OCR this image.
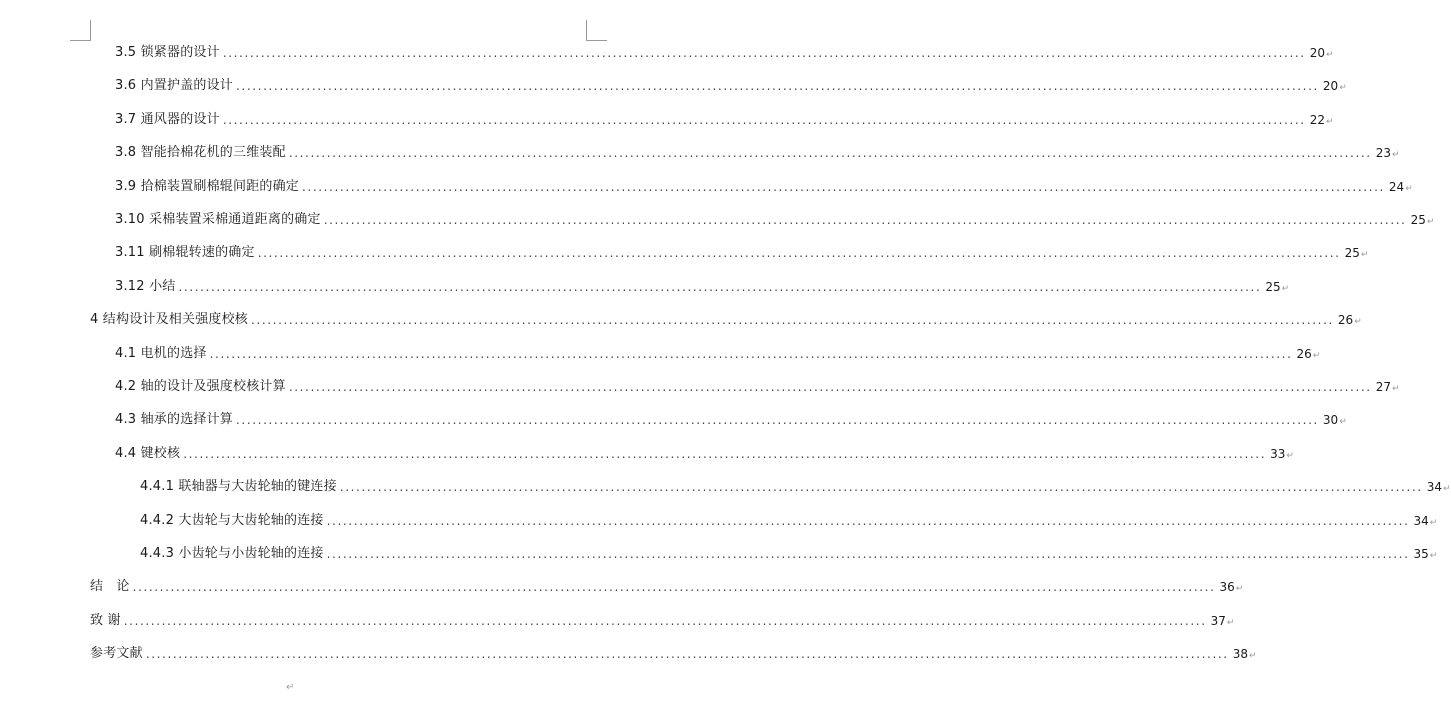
3.5 锁紧器的设计 ........................................................................................................................................................................................................ 20 ↵
3.6 内置护盖的设计 ........................................................................................................................................................................................................ 20 ↵
3.7 通风器的设计 ........................................................................................................................................................................................................ 22 ↵
3.8 智能拾棉花机的三维装配 ........................................................................................................................................................................................................ 23 ↵
3.9 拾棉装置刷棉辊间距的确定 ........................................................................................................................................................................................................ 24 ↵
3.10 采棉装置采棉通道距离的确定 ........................................................................................................................................................................................................ 25 ↵
3.11 刷棉辊转速的确定 ........................................................................................................................................................................................................ 25 ↵
3.12 小结 ........................................................................................................................................................................................................ 25 ↵
4 结构设计及相关强度校核 ........................................................................................................................................................................................................ 26 ↵
4.1 电机的选择 ........................................................................................................................................................................................................ 26 ↵
4.2 轴的设计及强度校核计算 ........................................................................................................................................................................................................ 27 ↵
4.3 轴承的选择计算 ........................................................................................................................................................................................................ 30 ↵
4.4 键校核 ........................................................................................................................................................................................................ 33 ↵
4.4.1 联轴器与大齿轮轴的键连接 ........................................................................................................................................................................................................ 34 ↵
4.4.2 大齿轮与大齿轮轴的连接 ........................................................................................................................................................................................................ 34 ↵
4.4.3 小齿轮与小齿轮轴的连接 ........................................................................................................................................................................................................ 35 ↵
结　论 ........................................................................................................................................................................................................ 36 ↵
致 谢 ........................................................................................................................................................................................................ 37 ↵
参考文献 ........................................................................................................................................................................................................ 38 ↵
↵
